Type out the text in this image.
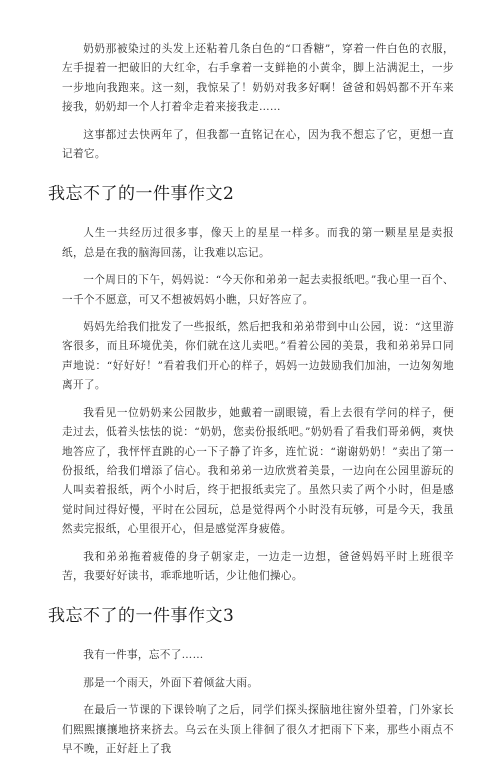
奶奶那被染过的头发上还粘着几条白色的“口香糖”，穿着一件白色的衣服，左手提着一把破旧的大红伞，右手拿着一支鲜艳的小黄伞，脚上沾满泥土，一步一步地向我跑来。这一刻，我惊呆了！奶奶对我多好啊！爸爸和妈妈都不开车来接我，奶奶却一个人打着伞走着来接我走……

这事都过去快两年了，但我都一直铭记在心，因为我不想忘了它，更想一直记着它。

我忘不了的一件事作文2

人生一共经历过很多事，像天上的星星一样多。而我的第一颗星星是卖报纸，总是在我的脑海回荡，让我难以忘记。

一个周日的下午，妈妈说：“今天你和弟弟一起去卖报纸吧。”我心里一百个、一千个不愿意，可又不想被妈妈小瞧，只好答应了。

妈妈先给我们批发了一些报纸，然后把我和弟弟带到中山公园，说：“这里游客很多，而且环境优美，你们就在这儿卖吧。”看着公园的美景，我和弟弟异口同声地说：“好好好！”看着我们开心的样子，妈妈一边鼓励我们加油，一边匆匆地离开了。

我看见一位奶奶来公园散步，她戴着一副眼镜，看上去很有学问的样子，便走过去，低着头怯怯的说：“奶奶，您卖份报纸吧。”奶奶看了看我们哥弟俩，爽快地答应了，我怦怦直跳的心一下子静了许多，连忙说：“谢谢奶奶！”卖出了第一份报纸，给我们增添了信心。我和弟弟一边欣赏着美景，一边向在公园里游玩的人叫卖着报纸，两个小时后，终于把报纸卖完了。虽然只卖了两个小时，但是感觉时间过得好慢，平时在公园玩，总是觉得两个小时没有玩够，可是今天，我虽然卖完报纸，心里很开心，但是感觉浑身疲倦。

我和弟弟拖着疲倦的身子朝家走，一边走一边想，爸爸妈妈平时上班很辛苦，我要好好读书，乖乖地听话，少让他们操心。

我忘不了的一件事作文3

我有一件事，忘不了……

那是一个雨天，外面下着倾盆大雨。

在最后一节课的下课铃响了之后，同学们探头探脑地往窗外望着，门外家长们熙熙攘攘地挤来挤去。乌云在头顶上徘徊了很久才把雨下下来，那些小雨点不早不晚，正好赶上了我
